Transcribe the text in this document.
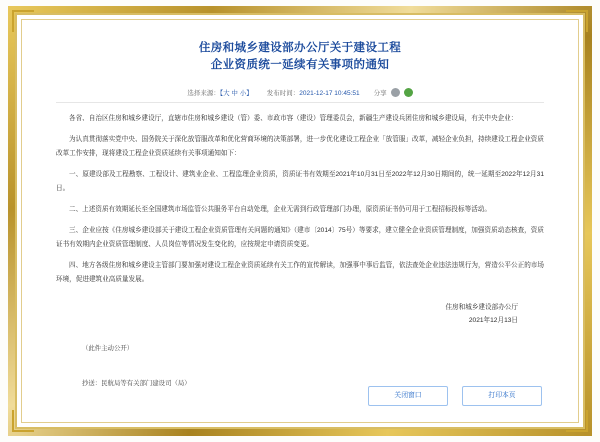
住房和城乡建设部办公厅关于建设工程
企业资质统一延续有关事项的通知
选择来源：【大 中 小】 发布时间：2021-12-17 10:45:51 分享

各省、自治区住房和城乡建设厅，直辖市住房和城乡建设（管）委、市政市容（建设）管理委员会，新疆生产建设兵团住房和城乡建设局，有关中央企业：

为认真贯彻落实党中央、国务院关于深化放管服改革和优化营商环境的决策部署，进一步优化建设工程企业「放管服」改革，减轻企业负担，持续建设工程企业资质改革工作安排，现将建设工程企业资质延续有关事项通知如下：

一、原建设部及工程勘察、工程设计、建筑业企业、工程监理企业资质，资质证书有效期至2021年10月31日至2022年12月30日期间的，统一延期至2022年12月31日。

二、上述资质有效期延长至全国建筑市场监管公共服务平台自动处理，企业无需到行政管理部门办理，原资质证书仍可用于工程招标投标等活动。

三、企业应按《住房城乡建设部关于建设工程企业资质管理有关问题的通知》（建市〔2014〕75号）等要求，建立健全企业资质管理制度，加强资质动态核查，资质证书有效期内企业资质管理制度、人员岗位等情况发生变化的，应按规定申请资质变更。

四、地方各级住房和城乡建设主管部门要加强对建设工程企业资质延续有关工作的宣传解读，加强事中事后监管，依法查处企业违法违规行为，营造公平公正的市场环境，促进建筑业高质量发展。

住房和城乡建设部办公厅
2021年12月13日
（此件主动公开）
抄送：民航局等有关部门建设司（局）
关闭窗口	打印本页
